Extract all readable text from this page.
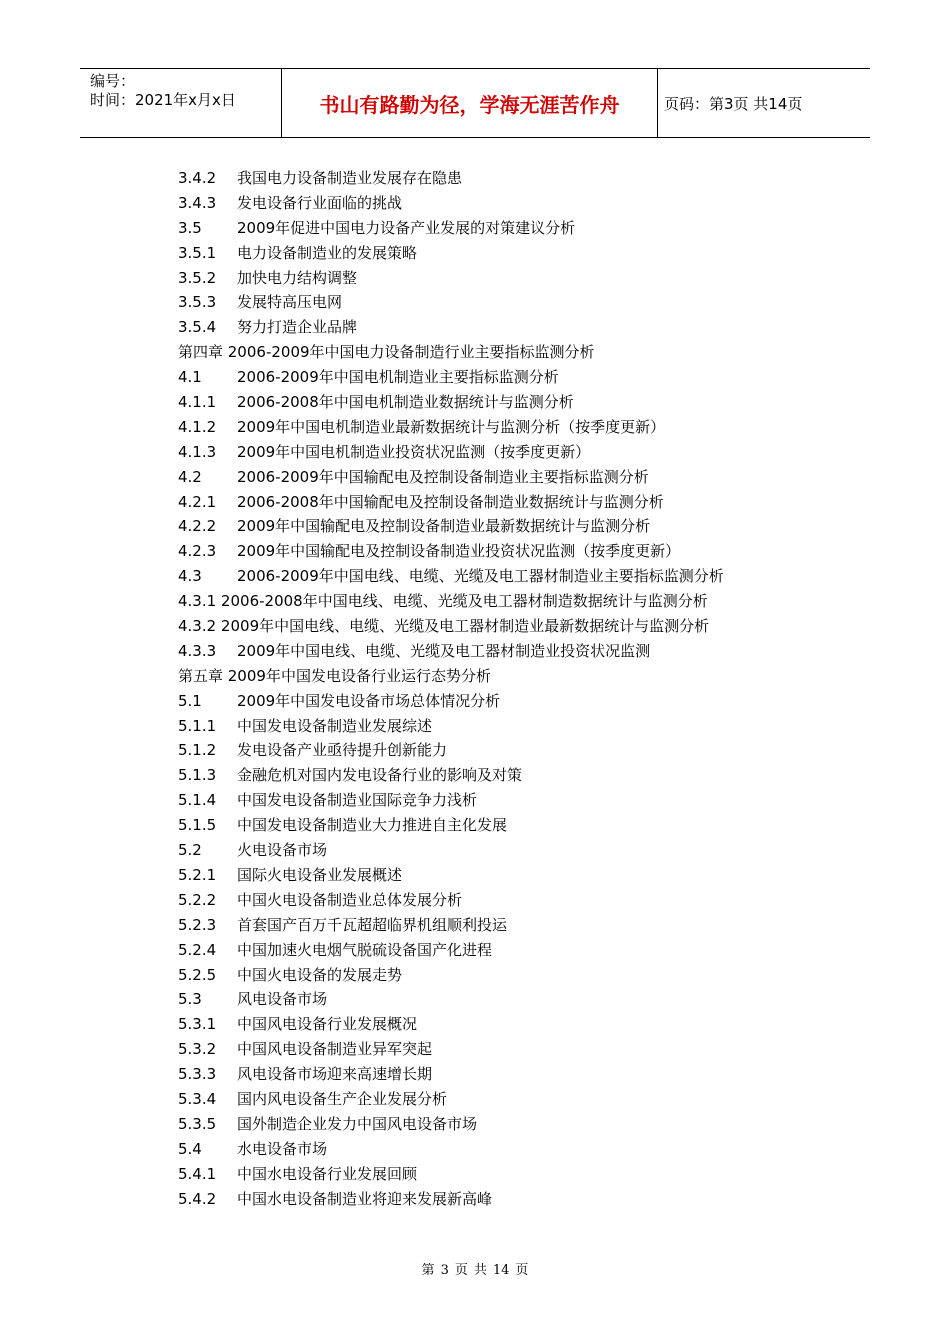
编号：
时间：2021年x月x日	书山有路勤为径，学海无涯苦作舟	页码：第3页 共14页
3.4.2 我国电力设备制造业发展存在隐患
3.4.3 发电设备行业面临的挑战
3.5 2009年促进中国电力设备产业发展的对策建议分析
3.5.1 电力设备制造业的发展策略
3.5.2 加快电力结构调整
3.5.3 发展特高压电网
3.5.4 努力打造企业品牌
第四章 2006-2009年中国电力设备制造行业主要指标监测分析
4.1 2006-2009年中国电机制造业主要指标监测分析
4.1.1 2006-2008年中国电机制造业数据统计与监测分析
4.1.2 2009年中国电机制造业最新数据统计与监测分析（按季度更新）
4.1.3 2009年中国电机制造业投资状况监测（按季度更新）
4.2 2006-2009年中国输配电及控制设备制造业主要指标监测分析
4.2.1 2006-2008年中国输配电及控制设备制造业数据统计与监测分析
4.2.2 2009年中国输配电及控制设备制造业最新数据统计与监测分析
4.2.3 2009年中国输配电及控制设备制造业投资状况监测（按季度更新）
4.3 2006-2009年中国电线、电缆、光缆及电工器材制造业主要指标监测分析
4.3.1 2006-2008年中国电线、电缆、光缆及电工器材制造数据统计与监测分析
4.3.2 2009年中国电线、电缆、光缆及电工器材制造业最新数据统计与监测分析
4.3.3 2009年中国电线、电缆、光缆及电工器材制造业投资状况监测
第五章 2009年中国发电设备行业运行态势分析
5.1 2009年中国发电设备市场总体情况分析
5.1.1 中国发电设备制造业发展综述
5.1.2 发电设备产业亟待提升创新能力
5.1.3 金融危机对国内发电设备行业的影响及对策
5.1.4 中国发电设备制造业国际竞争力浅析
5.1.5 中国发电设备制造业大力推进自主化发展
5.2 火电设备市场
5.2.1 国际火电设备业发展概述
5.2.2 中国火电设备制造业总体发展分析
5.2.3 首套国产百万千瓦超超临界机组顺利投运
5.2.4 中国加速火电烟气脱硫设备国产化进程
5.2.5 中国火电设备的发展走势
5.3 风电设备市场
5.3.1 中国风电设备行业发展概况
5.3.2 中国风电设备制造业异军突起
5.3.3 风电设备市场迎来高速增长期
5.3.4 国内风电设备生产企业发展分析
5.3.5 国外制造企业发力中国风电设备市场
5.4 水电设备市场
5.4.1 中国水电设备行业发展回顾
5.4.2 中国水电设备制造业将迎来发展新高峰
第 3 页 共 14 页
